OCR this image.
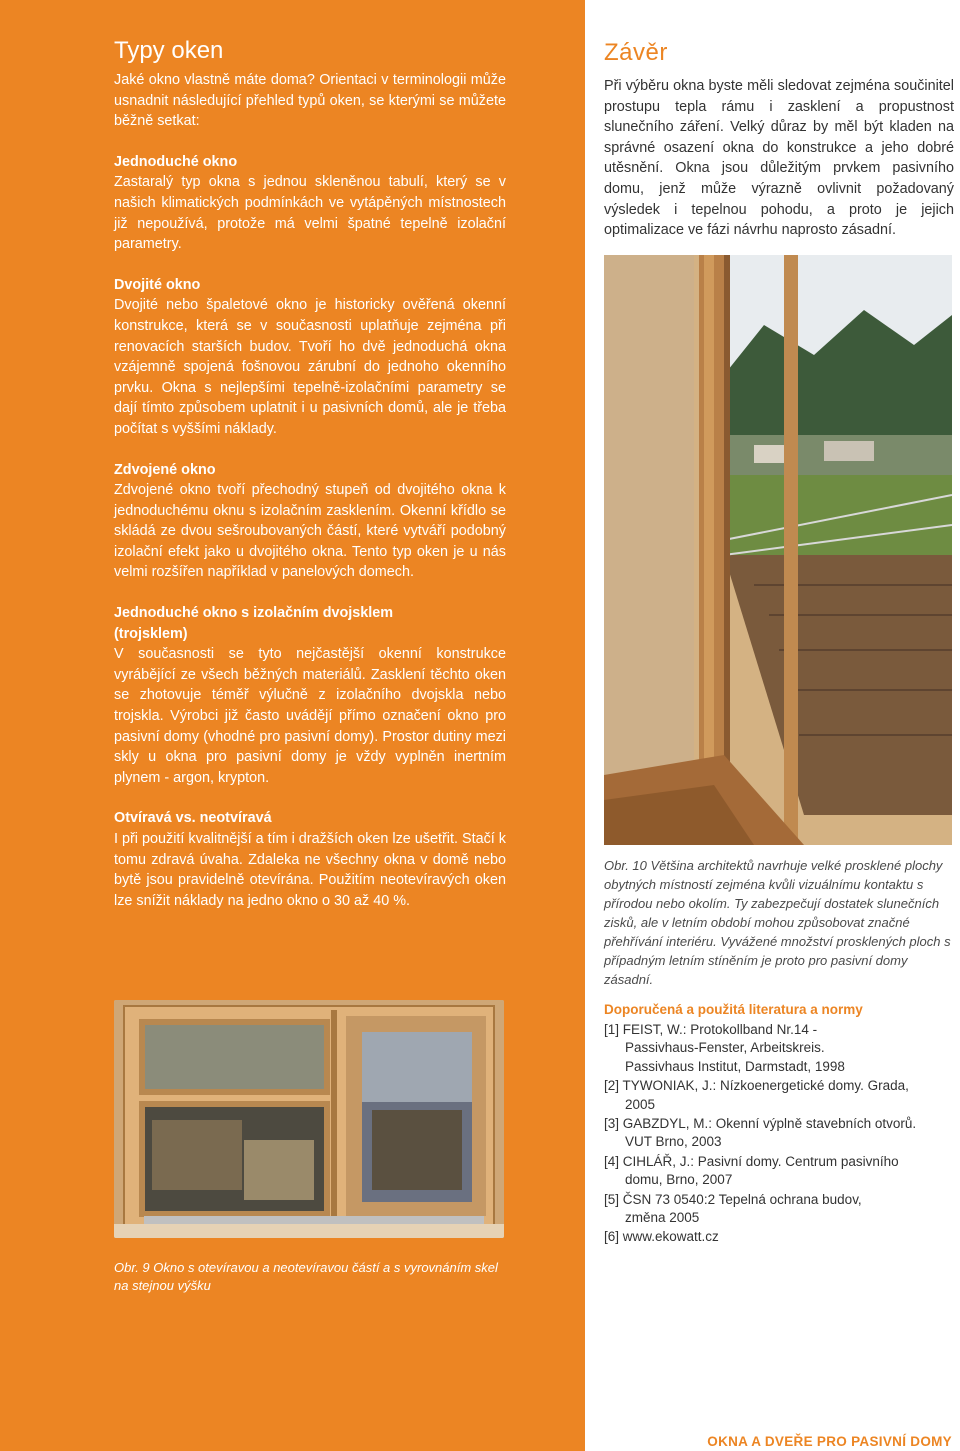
Typy oken

Jaké okno vlastně máte doma? Orientaci v terminologii může usnadnit následující přehled typů oken, se kterými se můžete běžně setkat:

Jednoduché okno

Zastaralý typ okna s jednou skleněnou tabulí, který se v našich klimatických podmínkách ve vytápěných místnostech již nepoužívá, protože má velmi špatné tepelně izolační parametry.

Dvojité okno

Dvojité nebo špaletové okno je historicky ověřená okenní konstrukce, která se v současnosti uplatňuje zejména při renovacích starších budov. Tvoří ho dvě jednoduchá okna vzájemně spojená fošnovou zárubní do jednoho okenního prvku. Okna s nejlepšími tepelně-izolačními parametry se dají tímto způsobem uplatnit i u pasivních domů, ale je třeba počítat s vyššími náklady.

Zdvojené okno

Zdvojené okno tvoří přechodný stupeň od dvojitého okna k jednoduchému oknu s izolačním zasklením. Okenní křídlo se skládá ze dvou sešroubovaných částí, které vytváří podobný izolační efekt jako u dvojitého okna. Tento typ oken je u nás velmi rozšířen například v panelových domech.

Jednoduché okno s izolačním dvojsklem (trojsklem)

V současnosti se tyto nejčastější okenní konstrukce vyrábějící ze všech běžných materiálů. Zasklení těchto oken se zhotovuje téměř výlučně z izolačního dvojskla nebo trojskla. Výrobci již často uvádějí přímo označení okno pro pasivní domy (vhodné pro pasivní domy). Prostor dutiny mezi skly u okna pro pasivní domy je vždy vyplněn inertním plynem - argon, krypton.

Otvíravá vs. neotvíravá

I při použití kvalitnější a tím i dražších oken lze ušetřit. Stačí k tomu zdravá úvaha. Zdaleka ne všechny okna v domě nebo bytě jsou pravidelně otevírána. Použitím neotevíravých oken lze snížit náklady na jedno okno o 30 až 40 %.

Obr. 9 Okno s otevíravou a neotevíravou částí a s vyrovnáním skel na stejnou výšku

Závěr

Při výběru okna byste měli sledovat zejména součinitel prostupu tepla rámu i zasklení a propustnost slunečního záření. Velký důraz by měl být kladen na správné osazení okna do konstrukce a jeho dobré utěsnění. Okna jsou důležitým prvkem pasivního domu, jenž může výrazně ovlivnit požadovaný výsledek i tepelnou pohodu, a proto je jejich optimalizace ve fázi návrhu naprosto zásadní.

Obr. 10 Většina architektů navrhuje velké prosklené plochy obytných místností zejména kvůli vizuálnímu kontaktu s přírodou nebo okolím. Ty zabezpečují dostatek slunečních zisků, ale v letním období mohou způsobovat značné přehřívání interiéru. Vyvážené množství prosklených ploch s případným letním stíněním je proto pro pasivní domy zásadní.

Doporučená a použitá literatura a normy
[1] FEIST, W.: Protokollband Nr.14 -
Passivhaus-Fenster, Arbeitskreis.
Passivhaus Institut, Darmstadt, 1998
[2] TYWONIAK, J.: Nízkoenergetické domy. Grada,
2005
[3] GABZDYL, M.: Okenní výplně stavebních otvorů.
VUT Brno, 2003
[4] CIHLÁŘ, J.: Pasivní domy. Centrum pasivního
domu, Brno, 2007
[5] ČSN 73 0540:2 Tepelná ochrana budov,
změna 2005
[6] www.ekowatt.cz
OKNA A DVEŘE PRO PASIVNÍ DOMY
